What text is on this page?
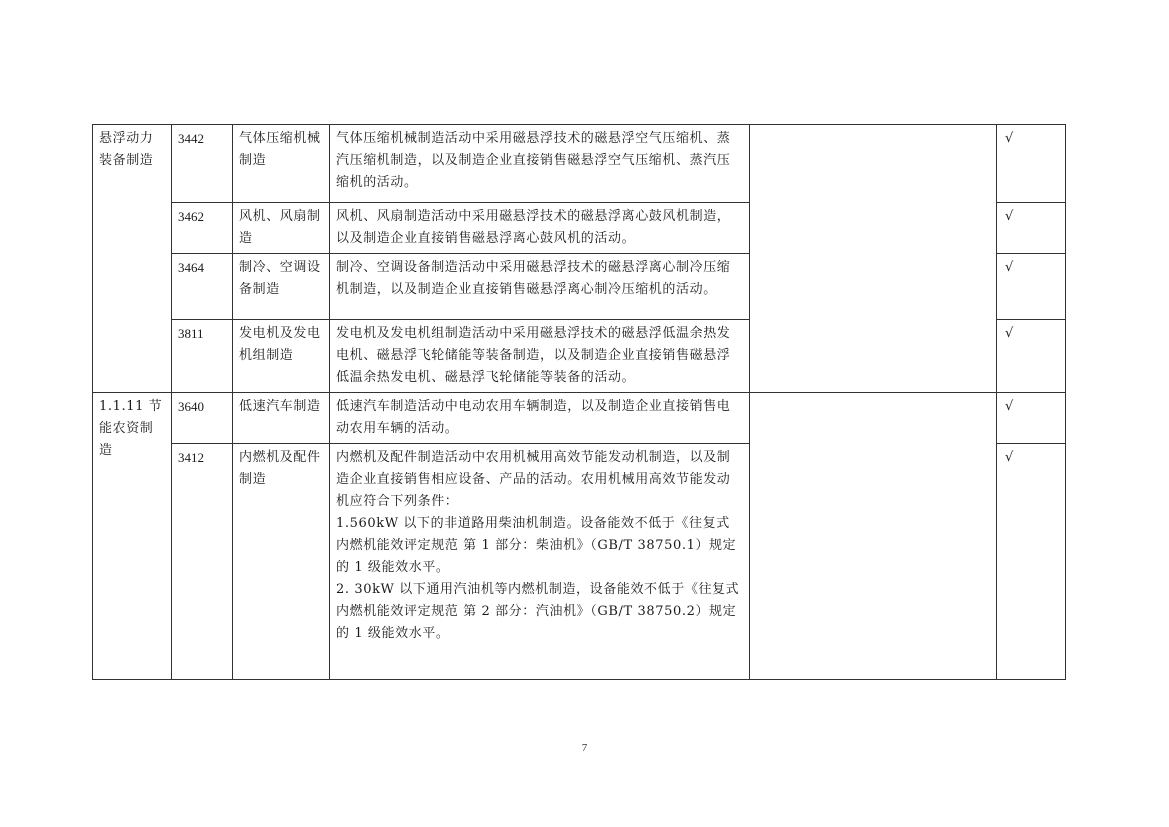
悬浮动力装备制造	3442	气体压缩机械制造	气体压缩机械制造活动中采用磁悬浮技术的磁悬浮空气压缩机、蒸汽压缩机制造，以及制造企业直接销售磁悬浮空气压缩机、蒸汽压缩机的活动。		√
	3462	风机、风扇制造	风机、风扇制造活动中采用磁悬浮技术的磁悬浮离心鼓风机制造，以及制造企业直接销售磁悬浮离心鼓风机的活动。		√
	3464	制冷、空调设备制造	制冷、空调设备制造活动中采用磁悬浮技术的磁悬浮离心制冷压缩机制造，以及制造企业直接销售磁悬浮离心制冷压缩机的活动。		√
	3811	发电机及发电机组制造	发电机及发电机组制造活动中采用磁悬浮技术的磁悬浮低温余热发电机、磁悬浮飞轮储能等装备制造，以及制造企业直接销售磁悬浮低温余热发电机、磁悬浮飞轮储能等装备的活动。		√
1.1.11 节能农资制造	3640	低速汽车制造	低速汽车制造活动中电动农用车辆制造，以及制造企业直接销售电动农用车辆的活动。		√
	3412	内燃机及配件制造	内燃机及配件制造活动中农用机械用高效节能发动机制造，以及制造企业直接销售相应设备、产品的活动。农用机械用高效节能发动机应符合下列条件：
1.560kW 以下的非道路用柴油机制造。设备能效不低于《往复式内燃机能效评定规范 第 1 部分：柴油机》（GB/T 38750.1）规定的 1 级能效水平。
2. 30kW 以下通用汽油机等内燃机制造，设备能效不低于《往复式内燃机能效评定规范 第 2 部分：汽油机》（GB/T 38750.2）规定的 1 级能效水平。		√
7
